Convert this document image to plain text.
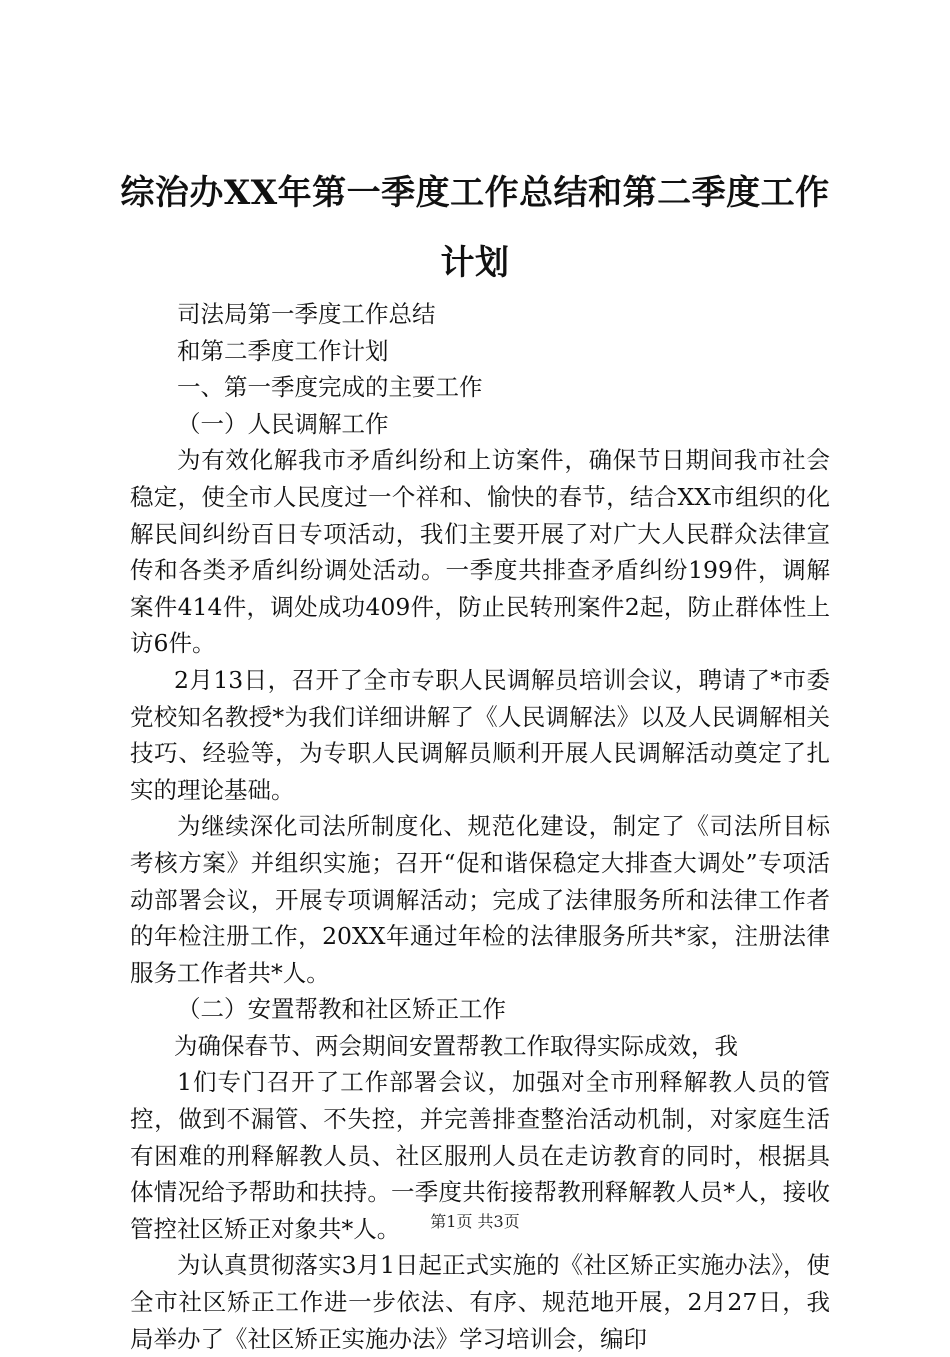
综治办XX年第一季度工作总结和第二季度工作计划

司法局第一季度工作总结

和第二季度工作计划

一、第一季度完成的主要工作

（一）人民调解工作

为有效化解我市矛盾纠纷和上访案件，确保节日期间我市社会稳定，使全市人民度过一个祥和、愉快的春节，结合XX市组织的化解民间纠纷百日专项活动，我们主要开展了对广大人民群众法律宣传和各类矛盾纠纷调处活动。一季度共排查矛盾纠纷199件，调解案件414件，调处成功409件，防止民转刑案件2起，防止群体性上访6件。

2月13日，召开了全市专职人民调解员培训会议，聘请了*市委党校知名教授*为我们详细讲解了《人民调解法》以及人民调解相关技巧、经验等，为专职人民调解员顺利开展人民调解活动奠定了扎实的理论基础。

为继续深化司法所制度化、规范化建设，制定了《司法所目标考核方案》并组织实施；召开“促和谐保稳定大排查大调处”专项活动部署会议，开展专项调解活动；完成了法律服务所和法律工作者的年检注册工作，20XX年通过年检的法律服务所共*家，注册法律服务工作者共*人。

（二）安置帮教和社区矫正工作

为确保春节、两会期间安置帮教工作取得实际成效，我

1们专门召开了工作部署会议，加强对全市刑释解教人员的管控，做到不漏管、不失控，并完善排查整治活动机制，对家庭生活有困难的刑释解教人员、社区服刑人员在走访教育的同时，根据具体情况给予帮助和扶持。一季度共衔接帮教刑释解教人员*人，接收管控社区矫正对象共*人。

为认真贯彻落实3月1日起正式实施的《社区矫正实施办法》，使全市社区矫正工作进一步依法、有序、规范地开展，2月27日，我局举办了《社区矫正实施办法》学习培训会，编印

第1页 共3页
